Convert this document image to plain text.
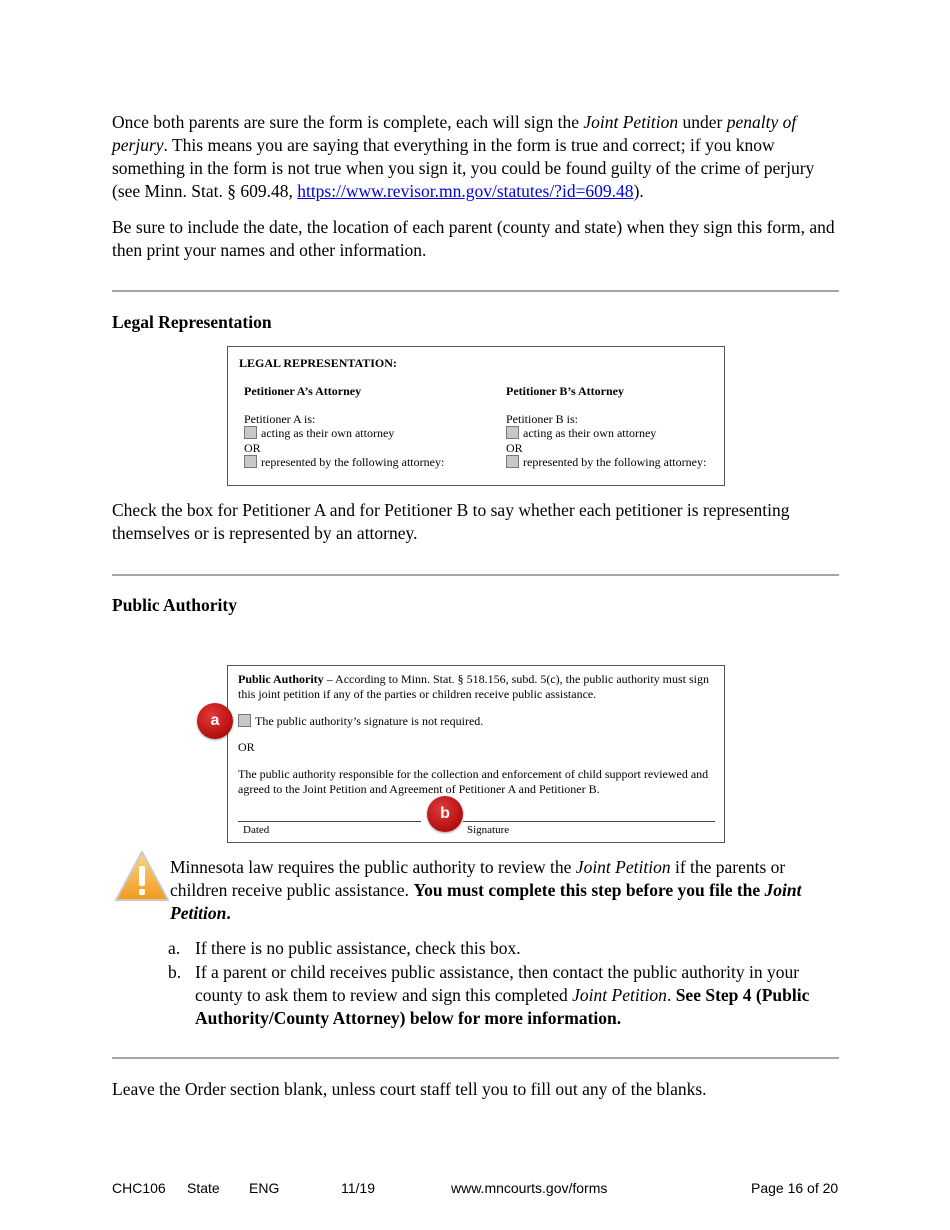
Once both parents are sure the form is complete, each will sign the Joint Petition under penalty of perjury. This means you are saying that everything in the form is true and correct; if you know something in the form is not true when you sign it, you could be found guilty of the crime of perjury (see Minn. Stat. § 609.48, https://www.revisor.mn.gov/statutes/?id=609.48).

Be sure to include the date, the location of each parent (county and state) when they sign this form, and then print your names and other information.

Legal Representation
LEGAL REPRESENTATION:
Petitioner A’s Attorney
Petitioner A is:
acting as their own attorney
OR
represented by the following attorney:
Petitioner B’s Attorney
Petitioner B is:
acting as their own attorney
OR
represented by the following attorney:

Check the box for Petitioner A and for Petitioner B to say whether each petitioner is representing themselves or is represented by an attorney.

Public Authority
Public Authority – According to Minn. Stat. § 518.156, subd. 5(c), the public authority must sign this joint petition if any of the parties or children receive public assistance.
The public authority’s signature is not required.
OR
The public authority responsible for the collection and enforcement of child support reviewed and agreed to the Joint Petition and Agreement of Petitioner A and Petitioner B.
Dated	Signature
a
b
Minnesota law requires the public authority to review the Joint Petition if the parents or children receive public assistance. You must complete this step before you file the Joint Petition.
a. If there is no public assistance, check this box.
b. If a parent or child receives public assistance, then contact the public authority in your county to ask them to review and sign this completed Joint Petition. See Step 4 (Public Authority/County Attorney) below for more information.

Leave the Order section blank, unless court staff tell you to fill out any of the blanks.

CHC106 State ENG	11/19	www.mncourts.gov/forms	Page 16 of 20
